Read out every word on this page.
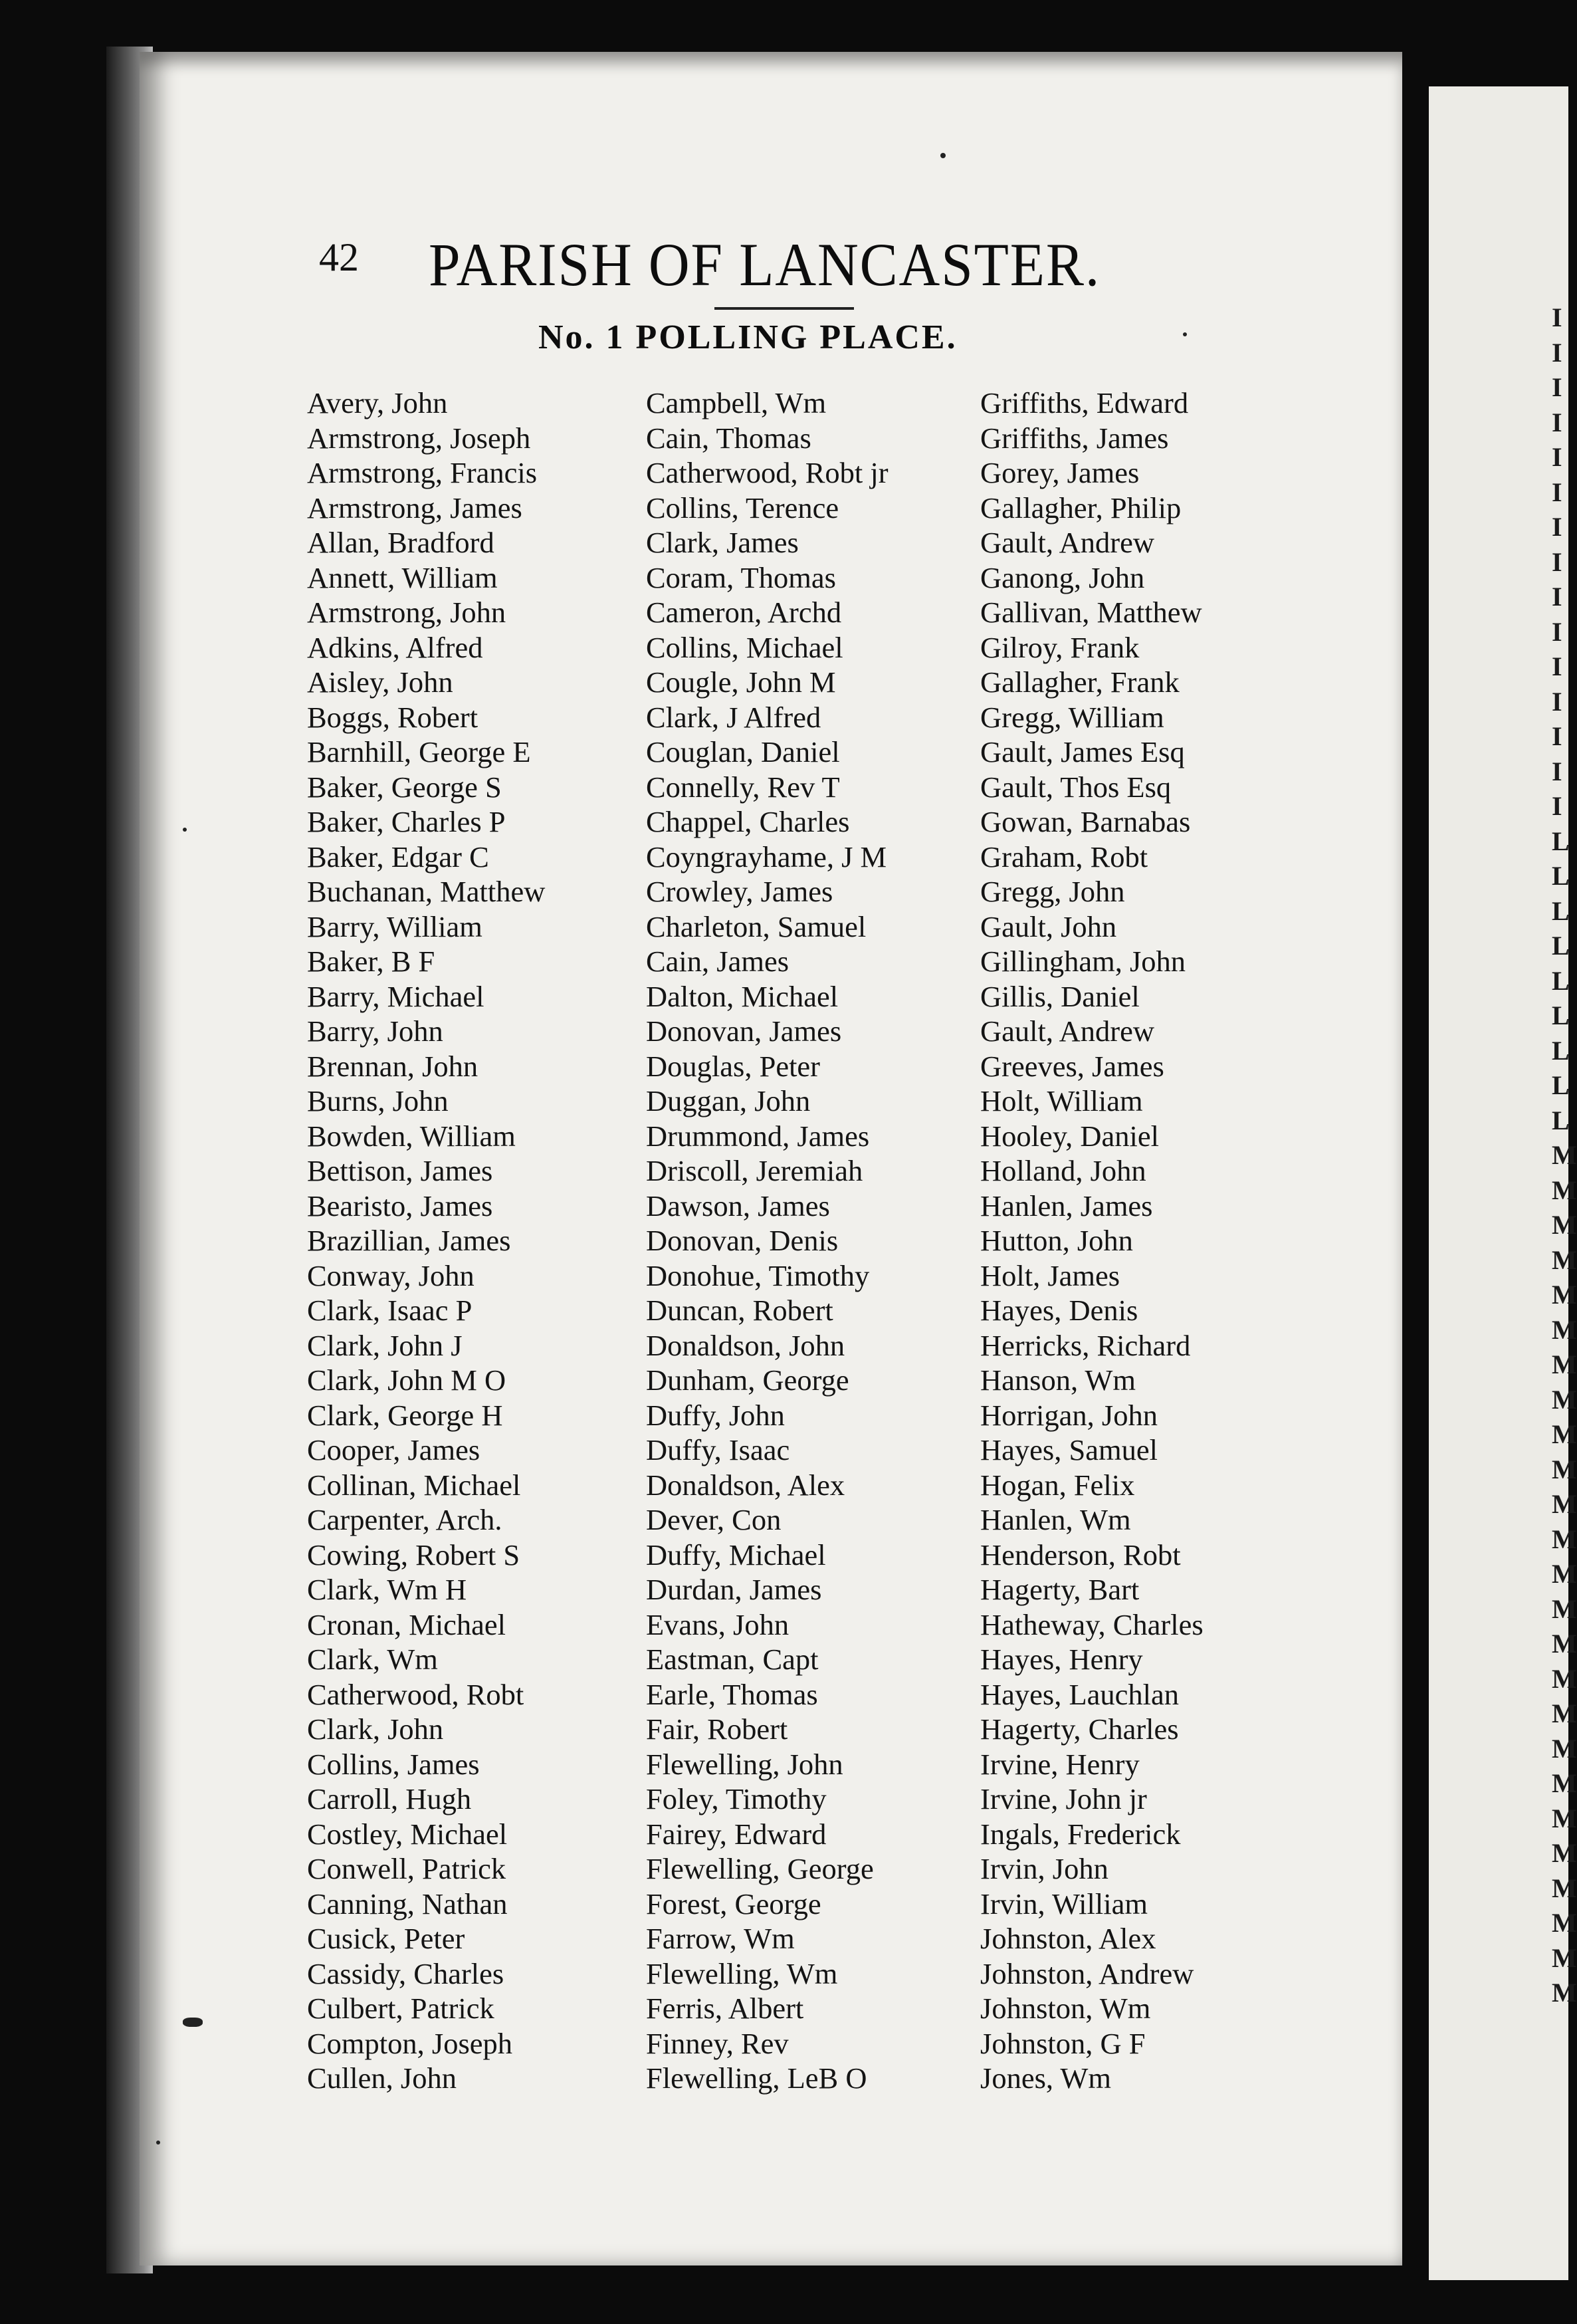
I
I
I
I
I
I
I
I
I
I
I
I
I
I
I
L
L
L
L
L
L
L
L
L
M
M
M
M
M
M
M
M
M
M
M
M
M
M
M
M
M
M
M
M
M
M
M
M
M
42 PARISH OF LANCASTER.
No. 1 POLLING PLACE.
Avery, John
Armstrong, Joseph
Armstrong, Francis
Armstrong, James
Allan, Bradford
Annett, William
Armstrong, John
Adkins, Alfred
Aisley, John
Boggs, Robert
Barnhill, George E
Baker, George S
Baker, Charles P
Baker, Edgar C
Buchanan, Matthew
Barry, William
Baker, B F
Barry, Michael
Barry, John
Brennan, John
Burns, John
Bowden, William
Bettison, James
Bearisto, James
Brazillian, James
Conway, John
Clark, Isaac P
Clark, John J
Clark, John M O
Clark, George H
Cooper, James
Collinan, Michael
Carpenter, Arch.
Cowing, Robert S
Clark, Wm H
Cronan, Michael
Clark, Wm
Catherwood, Robt
Clark, John
Collins, James
Carroll, Hugh
Costley, Michael
Conwell, Patrick
Canning, Nathan
Cusick, Peter
Cassidy, Charles
Culbert, Patrick
Compton, Joseph
Cullen, John
Campbell, Wm
Cain, Thomas
Catherwood, Robt jr
Collins, Terence
Clark, James
Coram, Thomas
Cameron, Archd
Collins, Michael
Cougle, John M
Clark, J Alfred
Couglan, Daniel
Connelly, Rev T
Chappel, Charles
Coyngrayhame, J M
Crowley, James
Charleton, Samuel
Cain, James
Dalton, Michael
Donovan, James
Douglas, Peter
Duggan, John
Drummond, James
Driscoll, Jeremiah
Dawson, James
Donovan, Denis
Donohue, Timothy
Duncan, Robert
Donaldson, John
Dunham, George
Duffy, John
Duffy, Isaac
Donaldson, Alex
Dever, Con
Duffy, Michael
Durdan, James
Evans, John
Eastman, Capt
Earle, Thomas
Fair, Robert
Flewelling, John
Foley, Timothy
Fairey, Edward
Flewelling, George
Forest, George
Farrow, Wm
Flewelling, Wm
Ferris, Albert
Finney, Rev
Flewelling, LeB O
Griffiths, Edward
Griffiths, James
Gorey, James
Gallagher, Philip
Gault, Andrew
Ganong, John
Gallivan, Matthew
Gilroy, Frank
Gallagher, Frank
Gregg, William
Gault, James Esq
Gault, Thos Esq
Gowan, Barnabas
Graham, Robt
Gregg, John
Gault, John
Gillingham, John
Gillis, Daniel
Gault, Andrew
Greeves, James
Holt, William
Hooley, Daniel
Holland, John
Hanlen, James
Hutton, John
Holt, James
Hayes, Denis
Herricks, Richard
Hanson, Wm
Horrigan, John
Hayes, Samuel
Hogan, Felix
Hanlen, Wm
Henderson, Robt
Hagerty, Bart
Hatheway, Charles
Hayes, Henry
Hayes, Lauchlan
Hagerty, Charles
Irvine, Henry
Irvine, John jr
Ingals, Frederick
Irvin, John
Irvin, William
Johnston, Alex
Johnston, Andrew
Johnston, Wm
Johnston, G F
Jones, Wm
